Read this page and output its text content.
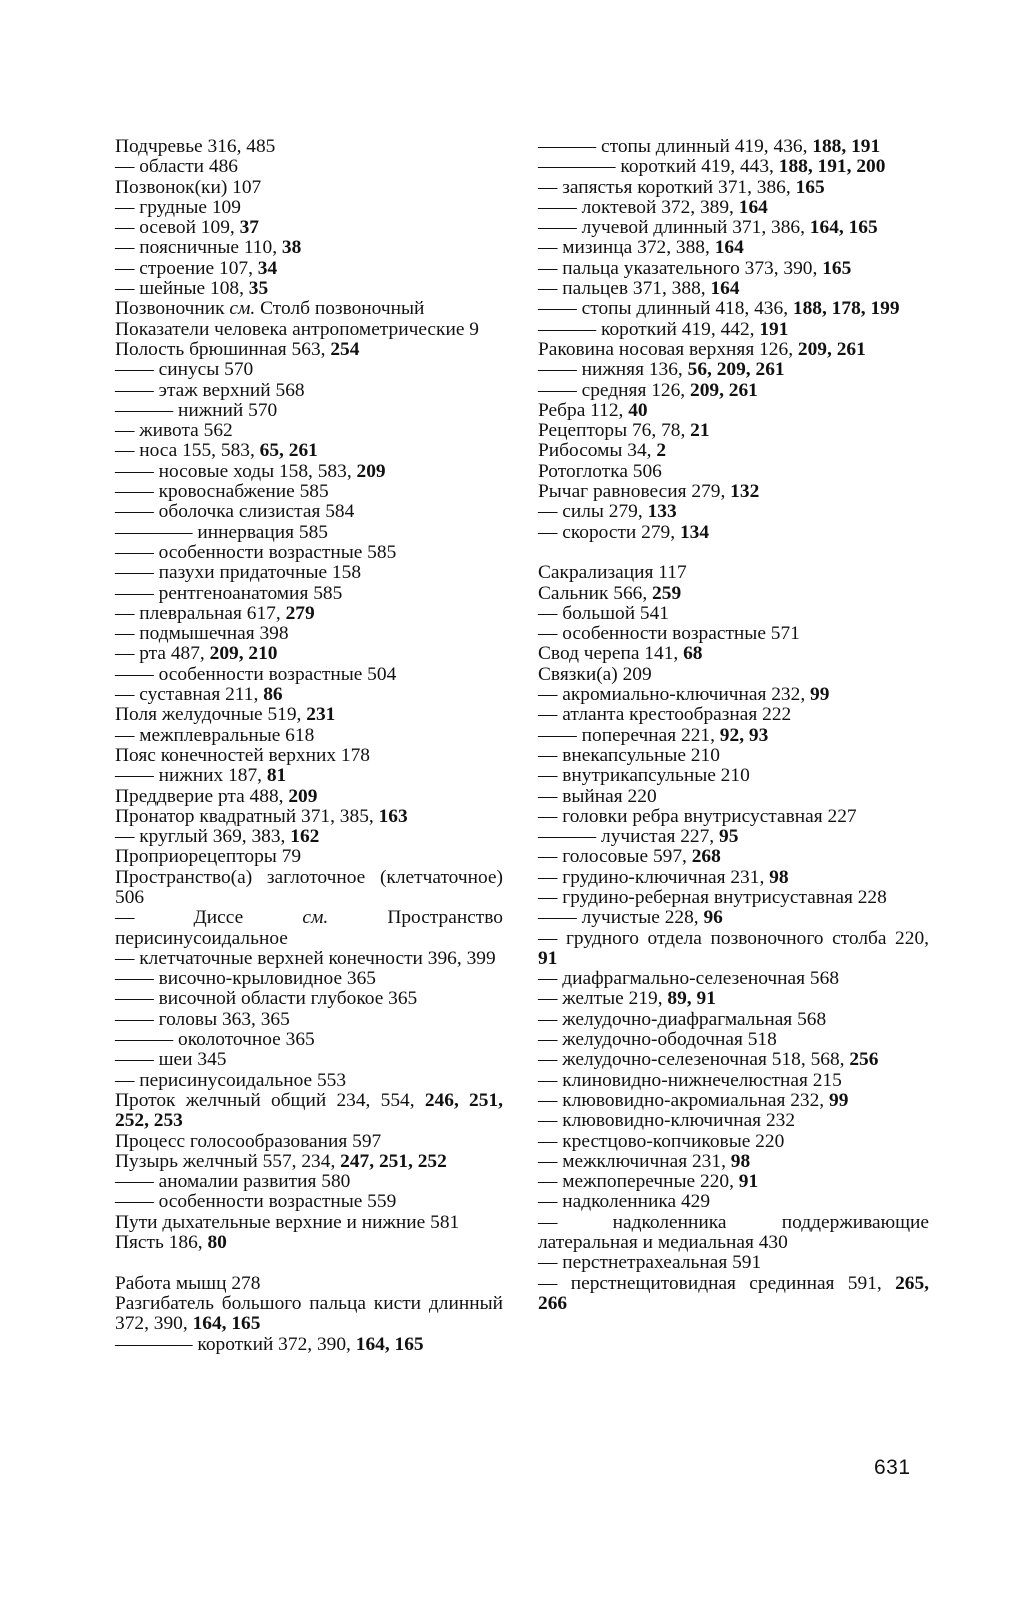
Подчревье 316, 485
— области 486
Позвонок(ки) 107
— грудные 109
— осевой 109, 37
— поясничные 110, 38
— строение 107, 34
— шейные 108, 35
Позвоночник см. Столб позвоночный
Показатели человека антропометрические 9
Полость брюшинная 563, 254
—— синусы 570
—— этаж верхний 568
——— нижний 570
— живота 562
— носа 155, 583, 65, 261
—— носовые ходы 158, 583, 209
—— кровоснабжение 585
—— оболочка слизистая 584
———— иннервация 585
—— особенности возрастные 585
—— пазухи придаточные 158
—— рентгеноанатомия 585
— плевральная 617, 279
— подмышечная 398
— рта 487, 209, 210
—— особенности возрастные 504
— суставная 211, 86
Поля желудочные 519, 231
— межплевральные 618
Пояс конечностей верхних 178
—— нижних 187, 81
Преддверие рта 488, 209
Пронатор квадратный 371, 385, 163
— круглый 369, 383, 162
Проприорецепторы 79
Пространство(а) заглоточное (клетчаточное) 506
— Диссе см. Пространство перисинусоидальное
— клетчаточные верхней конечности 396, 399
—— височно-крыловидное 365
—— височной области глубокое 365
—— головы 363, 365
——— околоточное 365
—— шеи 345
— перисинусоидальное 553
Проток желчный общий 234, 554, 246, 251, 252, 253
Процесс голосообразования 597
Пузырь желчный 557, 234, 247, 251, 252
—— аномалии развития 580
—— особенности возрастные 559
Пути дыхательные верхние и нижние 581
Пясть 186, 80
Работа мышц 278
Разгибатель большого пальца кисти длинный 372, 390, 164, 165
———— короткий 372, 390, 164, 165
——— стопы длинный 419, 436, 188, 191
———— короткий 419, 443, 188, 191, 200
— запястья короткий 371, 386, 165
—— локтевой 372, 389, 164
—— лучевой длинный 371, 386, 164, 165
— мизинца 372, 388, 164
— пальца указательного 373, 390, 165
— пальцев 371, 388, 164
—— стопы длинный 418, 436, 188, 178, 199
——— короткий 419, 442, 191
Раковина носовая верхняя 126, 209, 261
—— нижняя 136, 56, 209, 261
—— средняя 126, 209, 261
Ребра 112, 40
Рецепторы 76, 78, 21
Рибосомы 34, 2
Ротоглотка 506
Рычаг равновесия 279, 132
— силы 279, 133
— скорости 279, 134
Сакрализация 117
Сальник 566, 259
— большой 541
— особенности возрастные 571
Свод черепа 141, 68
Связки(а) 209
— акромиально-ключичная 232, 99
— атланта крестообразная 222
—— поперечная 221, 92, 93
— внекапсульные 210
— внутрикапсульные 210
— выйная 220
— головки ребра внутрисуставная 227
——— лучистая 227, 95
— голосовые 597, 268
— грудино-ключичная 231, 98
— грудино-реберная внутрисуставная 228
—— лучистые 228, 96
— грудного отдела позвоночного столба 220, 91
— диафрагмально-селезеночная 568
— желтые 219, 89, 91
— желудочно-диафрагмальная 568
— желудочно-ободочная 518
— желудочно-селезеночная 518, 568, 256
— клиновидно-нижнечелюстная 215
— клювовидно-акромиальная 232, 99
— клювовидно-ключичная 232
— крестцово-копчиковые 220
— межключичная 231, 98
— межпоперечные 220, 91
— надколенника 429
— надколенника поддерживающие латеральная и медиальная 430
— перстнетрахеальная 591
— перстнещитовидная срединная 591, 265, 266
631
